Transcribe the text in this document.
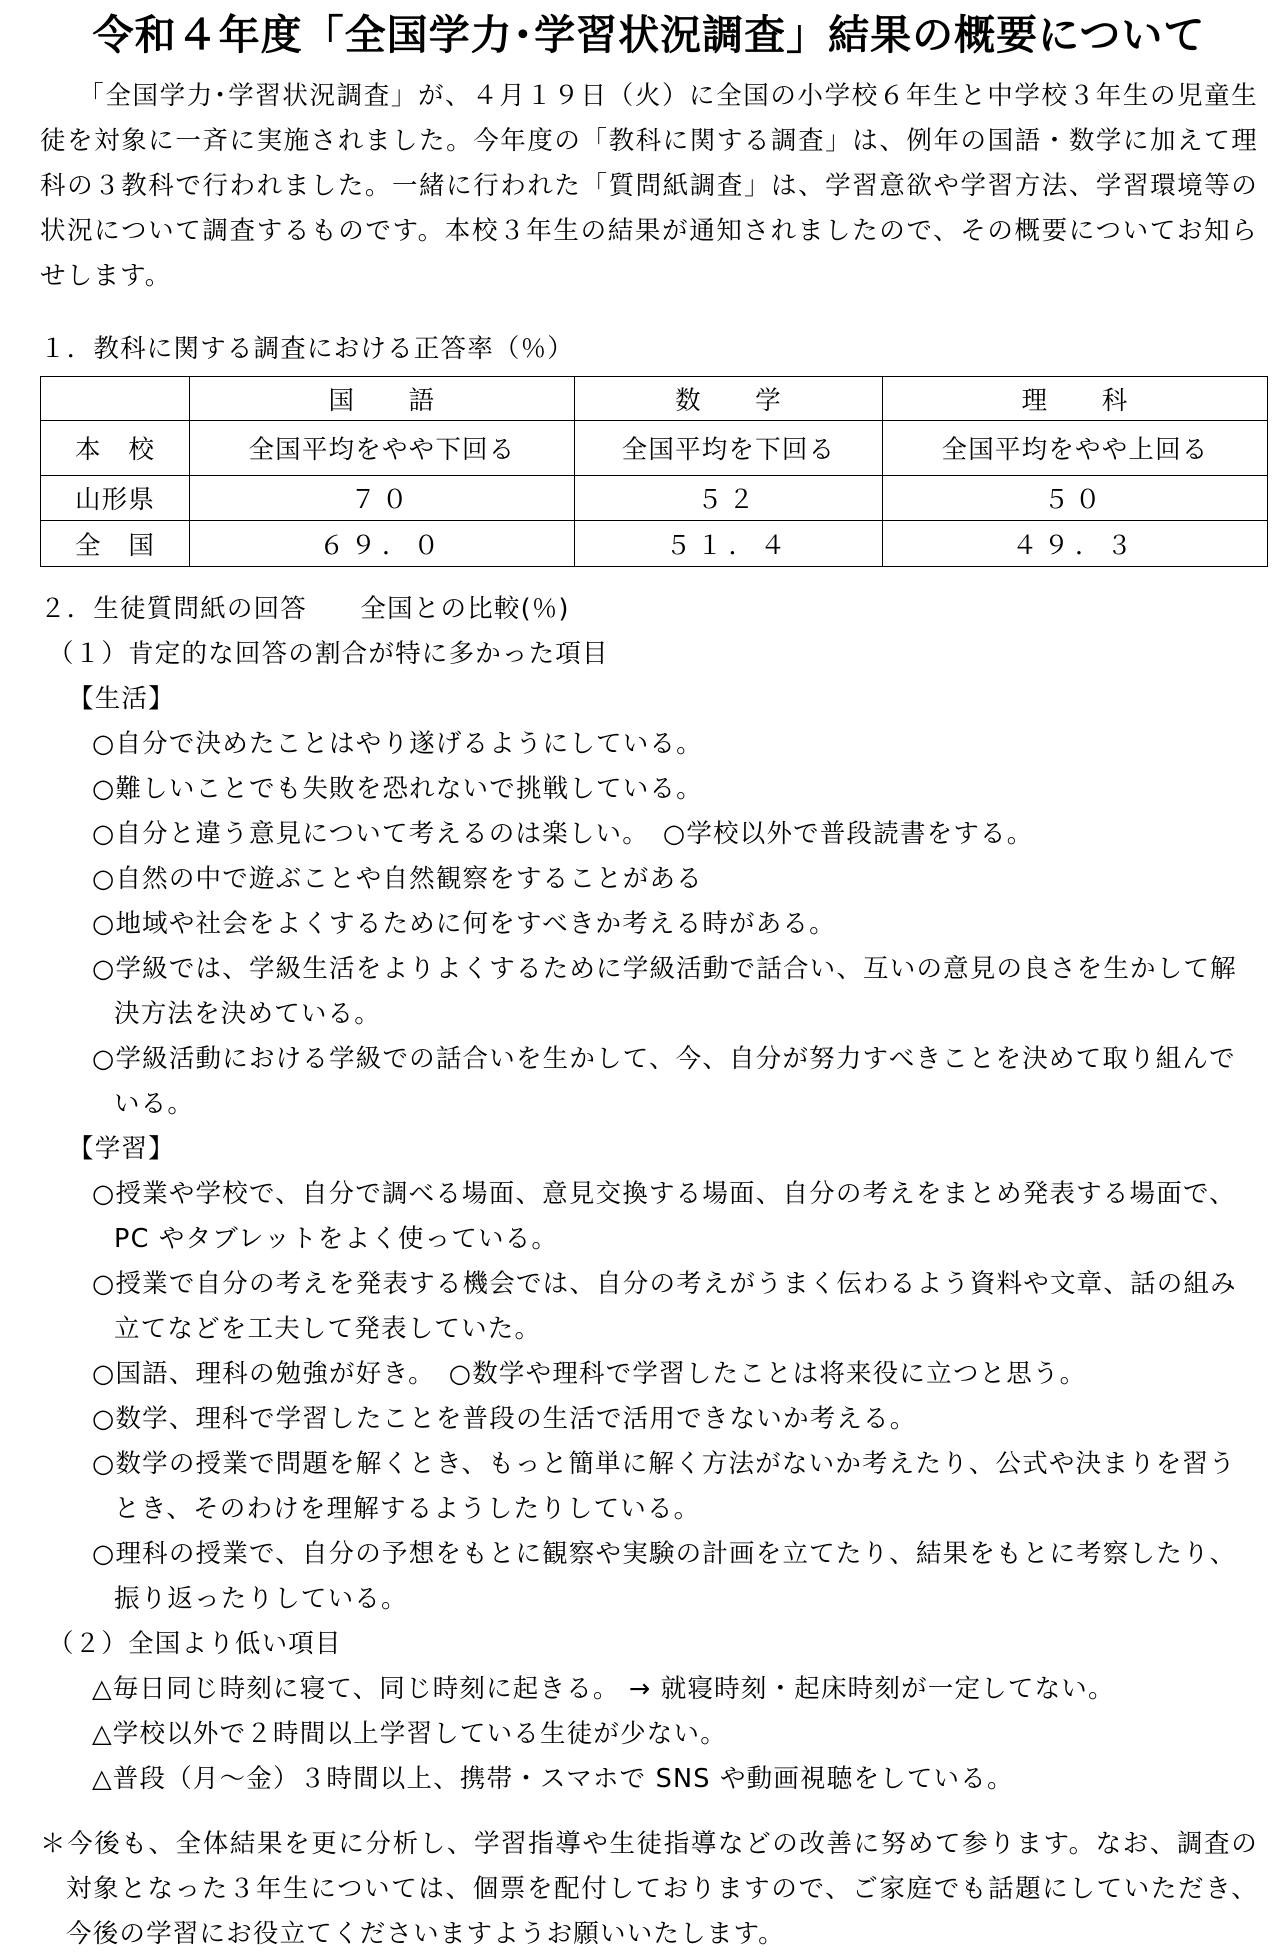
令和４年度「全国学力･学習状況調査」結果の概要について

「全国学力･学習状況調査」が、４月１９日（火）に全国の小学校６年生と中学校３年生の児童生徒を対象に一斉に実施されました。今年度の「教科に関する調査」は、例年の国語・数学に加えて理科の３教科で行われました。一緒に行われた「質問紙調査」は、学習意欲や学習方法、学習環境等の状況について調査するものです。本校３年生の結果が通知されましたので、その概要についてお知らせします。

１．教科に関する調査における正答率（％）

	国　　語	数　　学	理　　科
本　校	全国平均をやや下回る	全国平均を下回る	全国平均をやや上回る
山形県	７０	５２	５０
全　国	６９．０	５１．４	４９．３

２．生徒質問紙の回答　　全国との比較(％)

（１）肯定的な回答の割合が特に多かった項目

【生活】

○自分で決めたことはやり遂げるようにしている。
○難しいことでも失敗を恐れないで挑戦している。
○自分と違う意見について考えるのは楽しい。　○学校以外で普段読書をする。
○自然の中で遊ぶことや自然観察をすることがある
○地域や社会をよくするために何をすべきか考える時がある。
○学級では、学級生活をよりよくするために学級活動で話合い、互いの意見の良さを生かして解決方法を決めている。
○学級活動における学級での話合いを生かして、今、自分が努力すべきことを決めて取り組んでいる。

【学習】

○授業や学校で、自分で調べる場面、意見交換する場面、自分の考えをまとめ発表する場面で、PC やタブレットをよく使っている。
○授業で自分の考えを発表する機会では、自分の考えがうまく伝わるよう資料や文章、話の組み立てなどを工夫して発表していた。
○国語、理科の勉強が好き。　○数学や理科で学習したことは将来役に立つと思う。
○数学、理科で学習したことを普段の生活で活用できないか考える。
○数学の授業で問題を解くとき、もっと簡単に解く方法がないか考えたり、公式や決まりを習うとき、そのわけを理解するようしたりしている。
○理科の授業で、自分の予想をもとに観察や実験の計画を立てたり、結果をもとに考察したり、振り返ったりしている。

（２）全国より低い項目

△毎日同じ時刻に寝て、同じ時刻に起きる。 → 就寝時刻・起床時刻が一定してない。
△学校以外で２時間以上学習している生徒が少ない。
△普段（月～金）３時間以上、携帯・スマホで SNS や動画視聴をしている。

＊今後も、全体結果を更に分析し、学習指導や生徒指導などの改善に努めて参ります。なお、調査の対象となった３年生については、個票を配付しておりますので、ご家庭でも話題にしていただき、今後の学習にお役立てくださいますようお願いいたします。
